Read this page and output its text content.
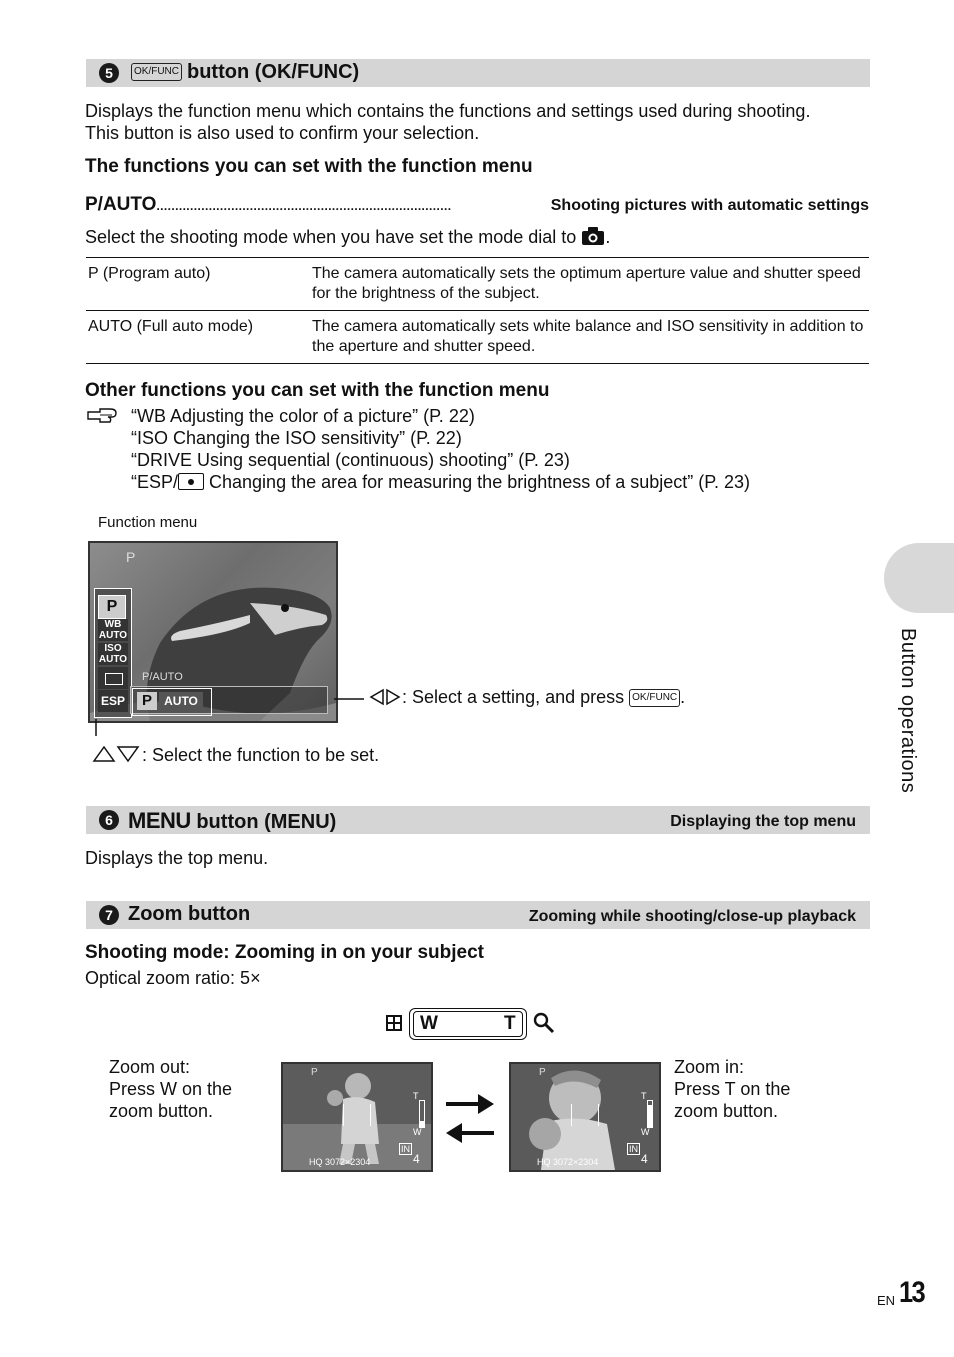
5	OK/FUNC button (OK/FUNC)
Displays the function menu which contains the functions and settings used during shooting.
This button is also used to confirm your selection.
The functions you can set with the function menu
P/AUTO...............................................................................	Shooting pictures with automatic settings
Select the shooting mode when you have set the mode dial to .
P (Program auto)	The camera automatically sets the optimum aperture value and shutter speed for the brightness of the subject.
AUTO (Full auto mode)	The camera automatically sets white balance and ISO sensitivity in addition to the aperture and shutter speed.
Other functions you can set with the function menu
“WB Adjusting the color of a picture” (P. 22)
“ISO Changing the ISO sensitivity” (P. 22)
“DRIVE Using sequential (continuous) shooting” (P. 23)
“ESP/
Changing the area for measuring the brightness of a subject” (P. 23)
Function menu
P
P
WB AUTO
ISO AUTO
ESP
P/AUTO
P	AUTO	: Select a setting, and press OK/FUNC .
: Select the function to be set.
6 MENU button (MENU)	Displaying the top menu
Displays the top menu.
7 Zoom button	Zooming while shooting/close-up playback
Shooting mode: Zooming in on your subject
Optical zoom ratio: 5×
W	T
Zoom out:
Press W on the
zoom button.
Zoom in:
Press T on the
zoom button.
P
T
W
IN
4
HQ 3072×2304
P
T
W
IN
4
HQ 3072×2304
Button operations
EN 13
